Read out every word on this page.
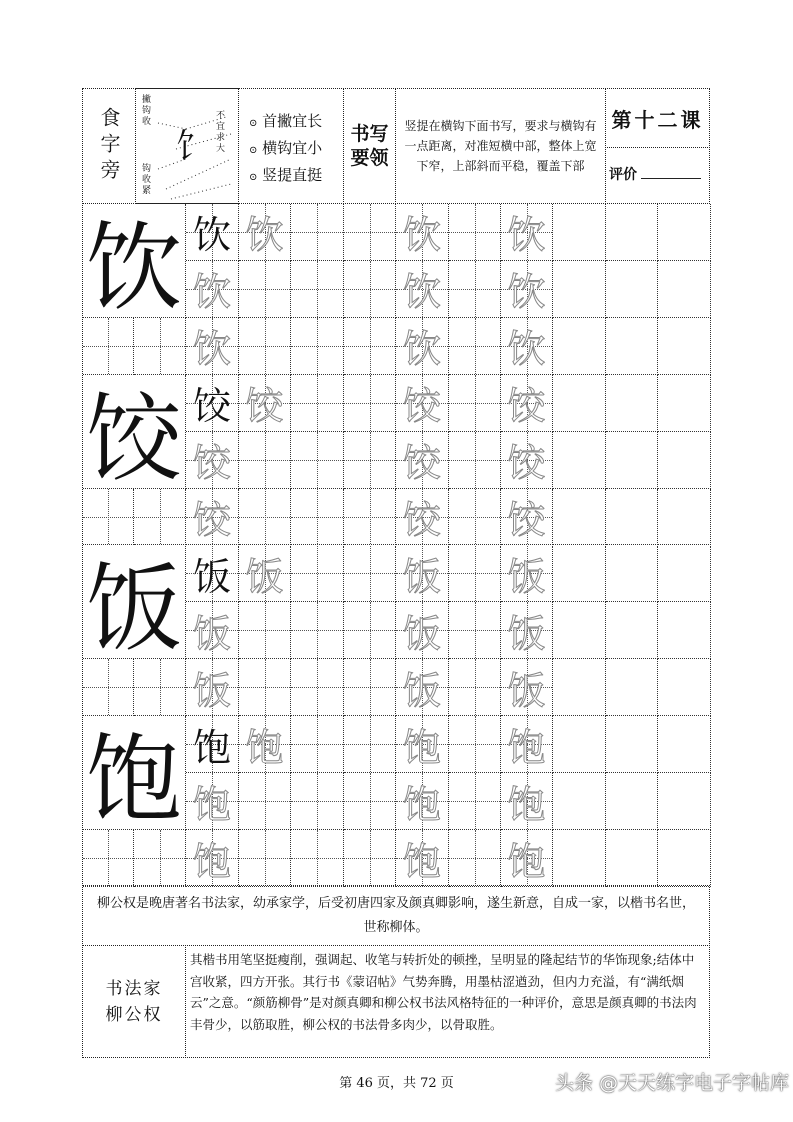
食字旁 饣
撇钩收
不宜求大
钩收紧
⊙ 首撇宜长
⊙ 横钩宜小
⊙ 竖提直挺
书写要领
竖提在横钩下面书写，要求与横钩有一点距离，对准短横中部，整体上宽下窄，上部斜而平稳，覆盖下部
第十二课
评价
饮 饮 饮	饮 饮
饮	饮 饮
饮	饮 饮
饺 饺 饺	饺 饺
饺	饺 饺
饺	饺 饺
饭 饭 饭	饭 饭
饭	饭 饭
饭	饭 饭
饱 饱 饱	饱 饱
饱	饱 饱
饱	饱 饱
柳公权是晚唐著名书法家，幼承家学，后受初唐四家及颜真卿影响，遂生新意，自成一家，以楷书名世，世称柳体。
书法家
柳公权
其楷书用笔坚挺瘦削，强调起、收笔与转折处的顿挫，呈明显的隆起结节的华饰现象;结体中宫收紧，四方开张。其行书《蒙诏帖》气势奔腾，用墨枯涩遒劲，但内力充溢，有“满纸烟云”之意。“颜筋柳骨”是对颜真卿和柳公权书法风格特征的一种评价，意思是颜真卿的书法肉丰骨少，以筋取胜，柳公权的书法骨多肉少，以骨取胜。
第 46 页，共 72 页	头条 @天天练字电子字帖库
